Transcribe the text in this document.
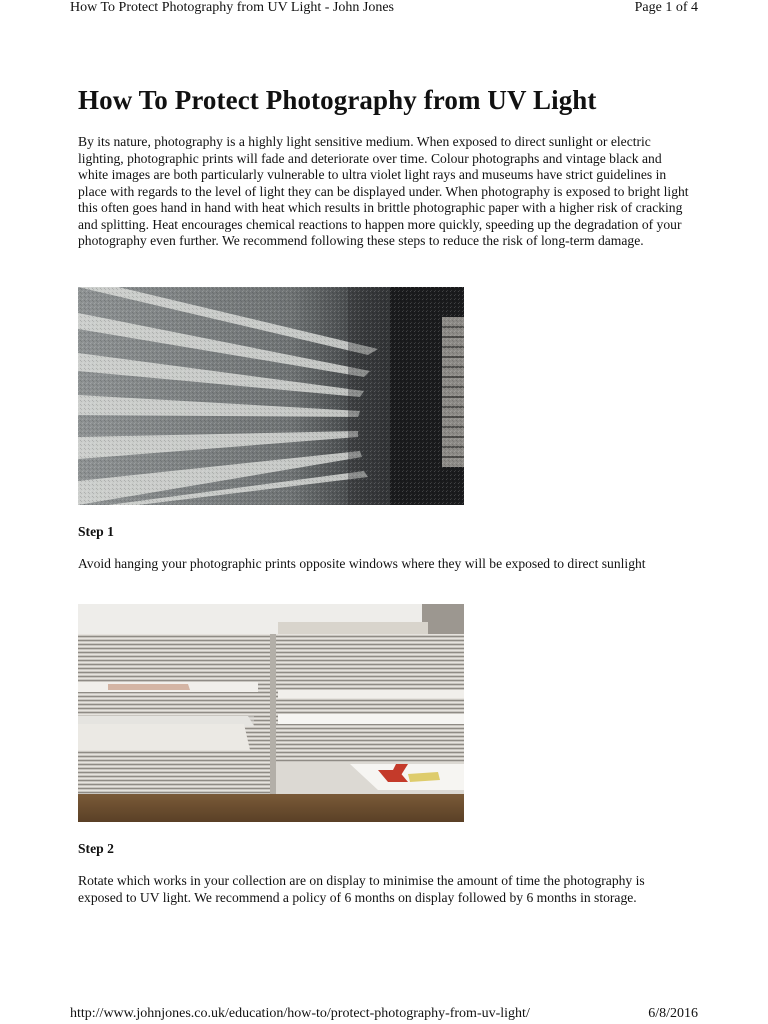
How To Protect Photography from UV Light - John Jones	Page 1 of 4
How To Protect Photography from UV Light

By its nature, photography is a highly light sensitive medium. When exposed to direct sunlight or electric lighting, photographic prints will fade and deteriorate over time. Colour photographs and vintage black and white images are both particularly vulnerable to ultra violet light rays and museums have strict guidelines in place with regards to the level of light they can be displayed under. When photography is exposed to bright light this often goes hand in hand with heat which results in brittle photographic paper with a higher risk of cracking and splitting. Heat encourages chemical reactions to happen more quickly, speeding up the degradation of your photography even further. We recommend following these steps to reduce the risk of long-term damage.

Step 1

Avoid hanging your photographic prints opposite windows where they will be exposed to direct sunlight

Step 2

Rotate which works in your collection are on display to minimise the amount of time the photography is exposed to UV light. We recommend a policy of 6 months on display followed by 6 months in storage.

http://www.johnjones.co.uk/education/how-to/protect-photography-from-uv-light/	6/8/2016
